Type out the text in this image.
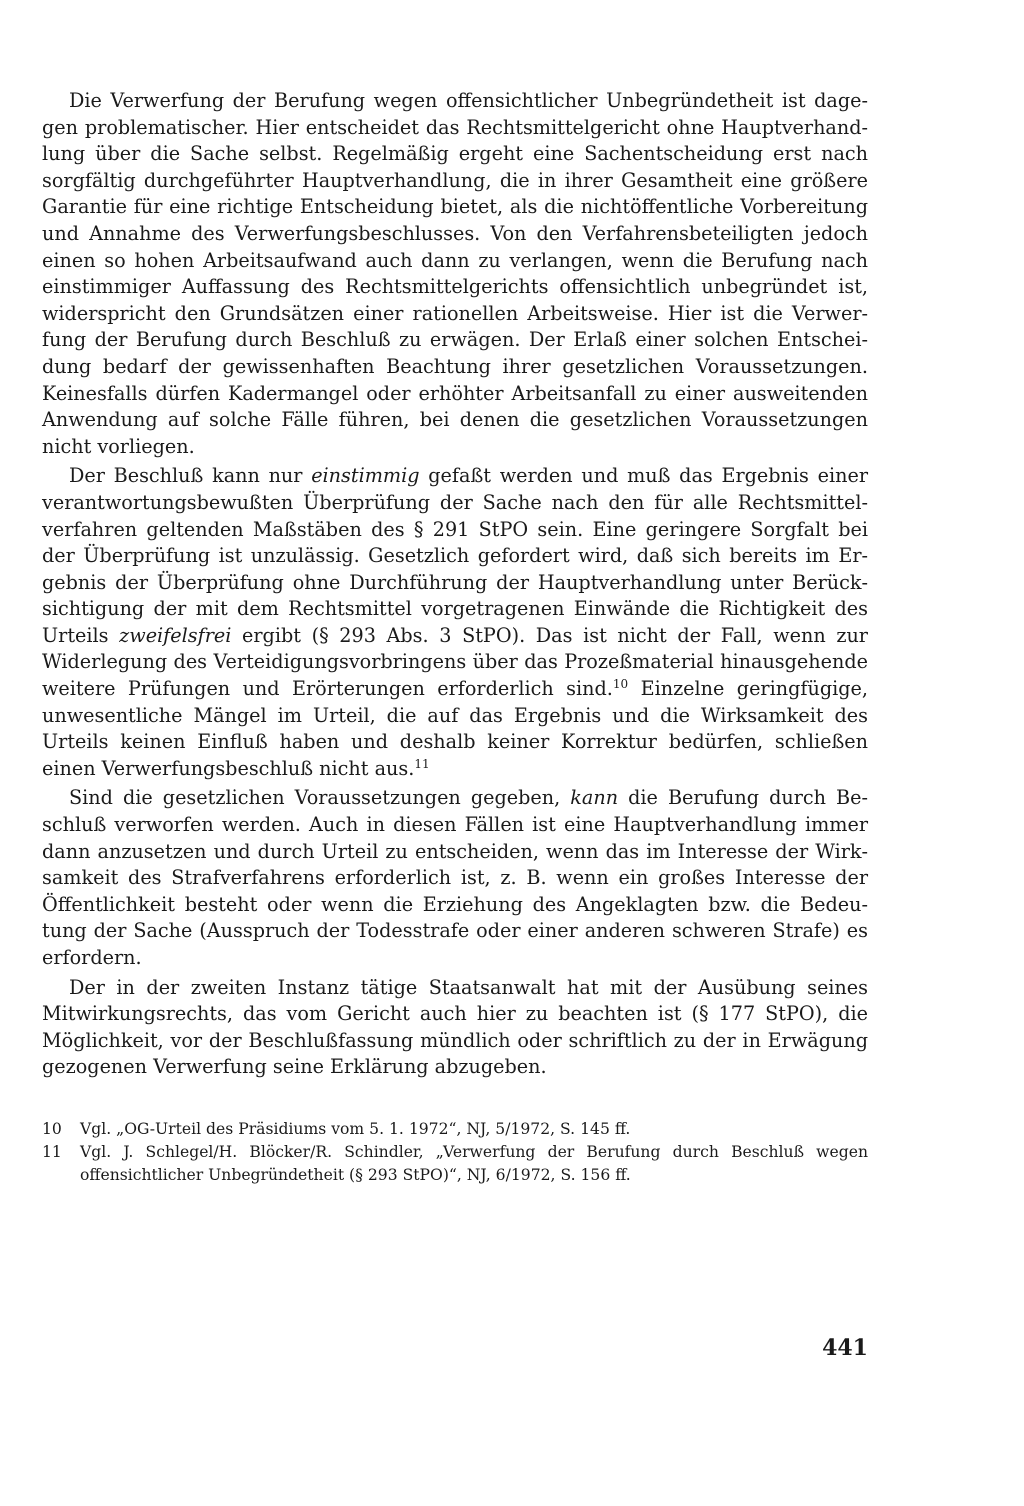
Die Verwerfung der Berufung wegen offensichtlicher Unbegründetheit ist dagegen problematischer. Hier entscheidet das Rechtsmittelgericht ohne Hauptverhandlung über die Sache selbst. Regelmäßig ergeht eine Sachentscheidung erst nach sorgfältig durchgeführter Hauptverhandlung, die in ihrer Gesamtheit eine größere Garantie für eine richtige Entscheidung bietet, als die nichtöffentliche Vorbereitung und Annahme des Verwerfungsbeschlusses. Von den Verfahrensbeteiligten jedoch einen so hohen Arbeitsaufwand auch dann zu verlangen, wenn die Berufung nach einstimmiger Auffassung des Rechtsmittelgerichts offensichtlich unbegründet ist, widerspricht den Grundsätzen einer rationellen Arbeitsweise. Hier ist die Verwerfung der Berufung durch Beschluß zu erwägen. Der Erlaß einer solchen Entscheidung bedarf der gewissenhaften Beachtung ihrer gesetzlichen Voraussetzungen. Keinesfalls dürfen Kadermangel oder erhöhter Arbeitsanfall zu einer ausweitenden Anwendung auf solche Fälle führen, bei denen die gesetzlichen Voraussetzungen nicht vorliegen.

Der Beschluß kann nur einstimmig gefaßt werden und muß das Ergebnis einer verantwortungsbewußten Überprüfung der Sache nach den für alle Rechtsmittelverfahren geltenden Maßstäben des § 291 StPO sein. Eine geringere Sorgfalt bei der Überprüfung ist unzulässig. Gesetzlich gefordert wird, daß sich bereits im Ergebnis der Überprüfung ohne Durchführung der Hauptverhandlung unter Berücksichtigung der mit dem Rechtsmittel vorgetragenen Einwände die Richtigkeit des Urteils zweifelsfrei ergibt (§ 293 Abs. 3 StPO). Das ist nicht der Fall, wenn zur Widerlegung des Verteidigungsvorbringens über das Prozeßmaterial hinausgehende weitere Prüfungen und Erörterungen erforderlich sind.$^{10}$ Einzelne geringfügige, unwesentliche Mängel im Urteil, die auf das Ergebnis und die Wirksamkeit des Urteils keinen Einfluß haben und deshalb keiner Korrektur bedürfen, schließen einen Verwerfungsbeschluß nicht aus.$^{11}$

Sind die gesetzlichen Voraussetzungen gegeben, kann die Berufung durch Beschluß verworfen werden. Auch in diesen Fällen ist eine Hauptverhandlung immer dann anzusetzen und durch Urteil zu entscheiden, wenn das im Interesse der Wirksamkeit des Strafverfahrens erforderlich ist, z. B. wenn ein großes Interesse der Öffentlichkeit besteht oder wenn die Erziehung des Angeklagten bzw. die Bedeutung der Sache (Ausspruch der Todesstrafe oder einer anderen schweren Strafe) es erfordern.

Der in der zweiten Instanz tätige Staatsanwalt hat mit der Ausübung seines Mitwirkungsrechts, das vom Gericht auch hier zu beachten ist (§ 177 StPO), die Möglichkeit, vor der Beschlußfassung mündlich oder schriftlich zu der in Erwägung gezogenen Verwerfung seine Erklärung abzugeben.

10	Vgl. „OG-Urteil des Präsidiums vom 5. 1. 1972“, NJ, 5/1972, S. 145 ff.

11	Vgl. J. Schlegel/H. Blöcker/R. Schindler, „Verwerfung der Berufung durch Beschluß wegen offensichtlicher Unbegründetheit (§ 293 StPO)“, NJ, 6/1972, S. 156 ff.

441
